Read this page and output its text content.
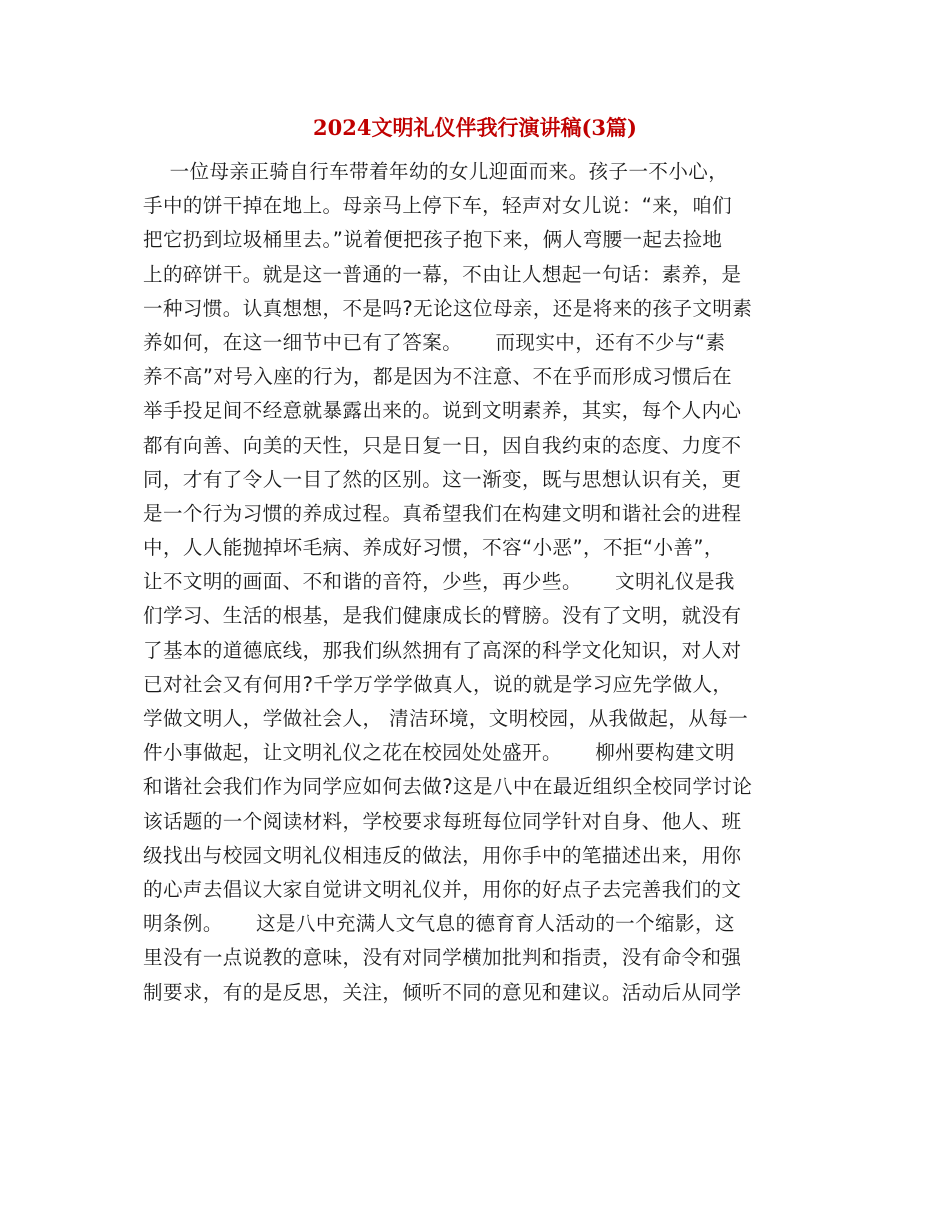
2024文明礼仪伴我行演讲稿(3篇)
一位母亲正骑自行车带着年幼的女儿迎面而来。孩子一不小心，
手中的饼干掉在地上。母亲马上停下车，轻声对女儿说：“来，咱们
把它扔到垃圾桶里去。”说着便把孩子抱下来，俩人弯腰一起去捡地
上的碎饼干。就是这一普通的一幕，不由让人想起一句话：素养，是
一种习惯。认真想想，不是吗?无论这位母亲，还是将来的孩子文明素
养如何，在这一细节中已有了答案。     而现实中，还有不少与“素
养不高”对号入座的行为，都是因为不注意、不在乎而形成习惯后在
举手投足间不经意就暴露出来的。说到文明素养，其实，每个人内心
都有向善、向美的天性，只是日复一日，因自我约束的态度、力度不
同，才有了令人一目了然的区别。这一渐变，既与思想认识有关，更
是一个行为习惯的养成过程。真希望我们在构建文明和谐社会的进程
中，人人能抛掉坏毛病、养成好习惯，不容“小恶”，不拒“小善”，
让不文明的画面、不和谐的音符，少些，再少些。     文明礼仪是我
们学习、生活的根基，是我们健康成长的臂膀。没有了文明，就没有
了基本的道德底线，那我们纵然拥有了高深的科学文化知识，对人对
已对社会又有何用?千学万学学做真人，说的就是学习应先学做人，
学做文明人，学做社会人， 清洁环境，文明校园，从我做起，从每一
件小事做起，让文明礼仪之花在校园处处盛开。     柳州要构建文明
和谐社会我们作为同学应如何去做?这是八中在最近组织全校同学讨论
该话题的一个阅读材料，学校要求每班每位同学针对自身、他人、班
级找出与校园文明礼仪相违反的做法，用你手中的笔描述出来，用你
的心声去倡议大家自觉讲文明礼仪并，用你的好点子去完善我们的文
明条例。     这是八中充满人文气息的德育育人活动的一个缩影，这
里没有一点说教的意味，没有对同学横加批判和指责，没有命令和强
制要求，有的是反思，关注，倾听不同的意见和建议。活动后从同学
